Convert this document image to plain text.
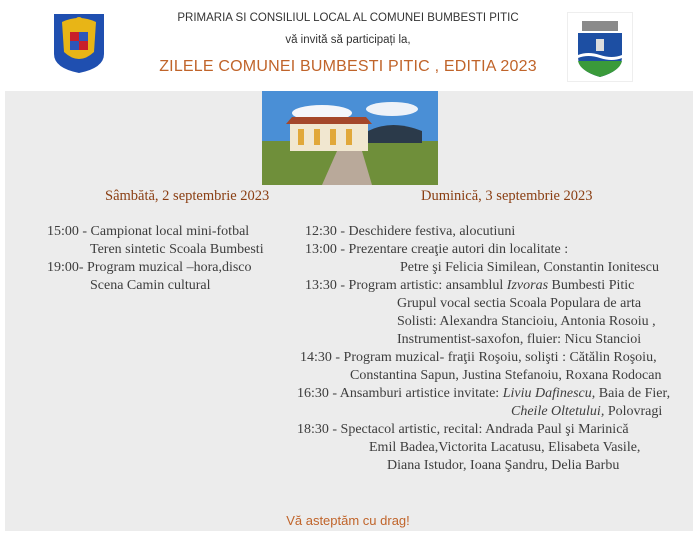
PRIMARIA SI CONSILIUL LOCAL AL COMUNEI BUMBESTI PITIC
vă invită să participați la,
ZILELE COMUNEI BUMBESTI PITIC , EDITIA 2023
Sâmbătă, 2 septembrie 2023	Duminică, 3 septembrie 2023
15:00 - Campionat local mini-fotbal
Teren sintetic Scoala Bumbesti
19:00- Program muzical –hora,disco
Scena Camin cultural
12:30 - Deschidere festiva, alocutiuni
13:00 - Prezentare creaţie autori din localitate :
Petre şi Felicia Similean, Constantin Ionitescu
13:30 - Program artistic: ansamblul Izvoras Bumbesti Pitic
Grupul vocal sectia Scoala Populara de arta
Solisti: Alexandra Stancioiu, Antonia Rosoiu ,
Instrumentist-saxofon, fluier: Nicu Stancioi
14:30 - Program muzical- fraţii Roşoiu, solişti : Cătălin Roşoiu,
Constantina Sapun, Justina Stefanoiu, Roxana Rodocan
16:30 - Ansamburi artistice invitate: Liviu Dafinescu, Baia de Fier,
Cheile Oltetului, Polovragi
18:30 - Spectacol artistic, recital: Andrada Paul şi Marinică
Emil Badea,Victorita Lacatusu, Elisabeta Vasile,
Diana Istudor, Ioana Şandru, Delia Barbu
Vă asteptăm cu drag!
